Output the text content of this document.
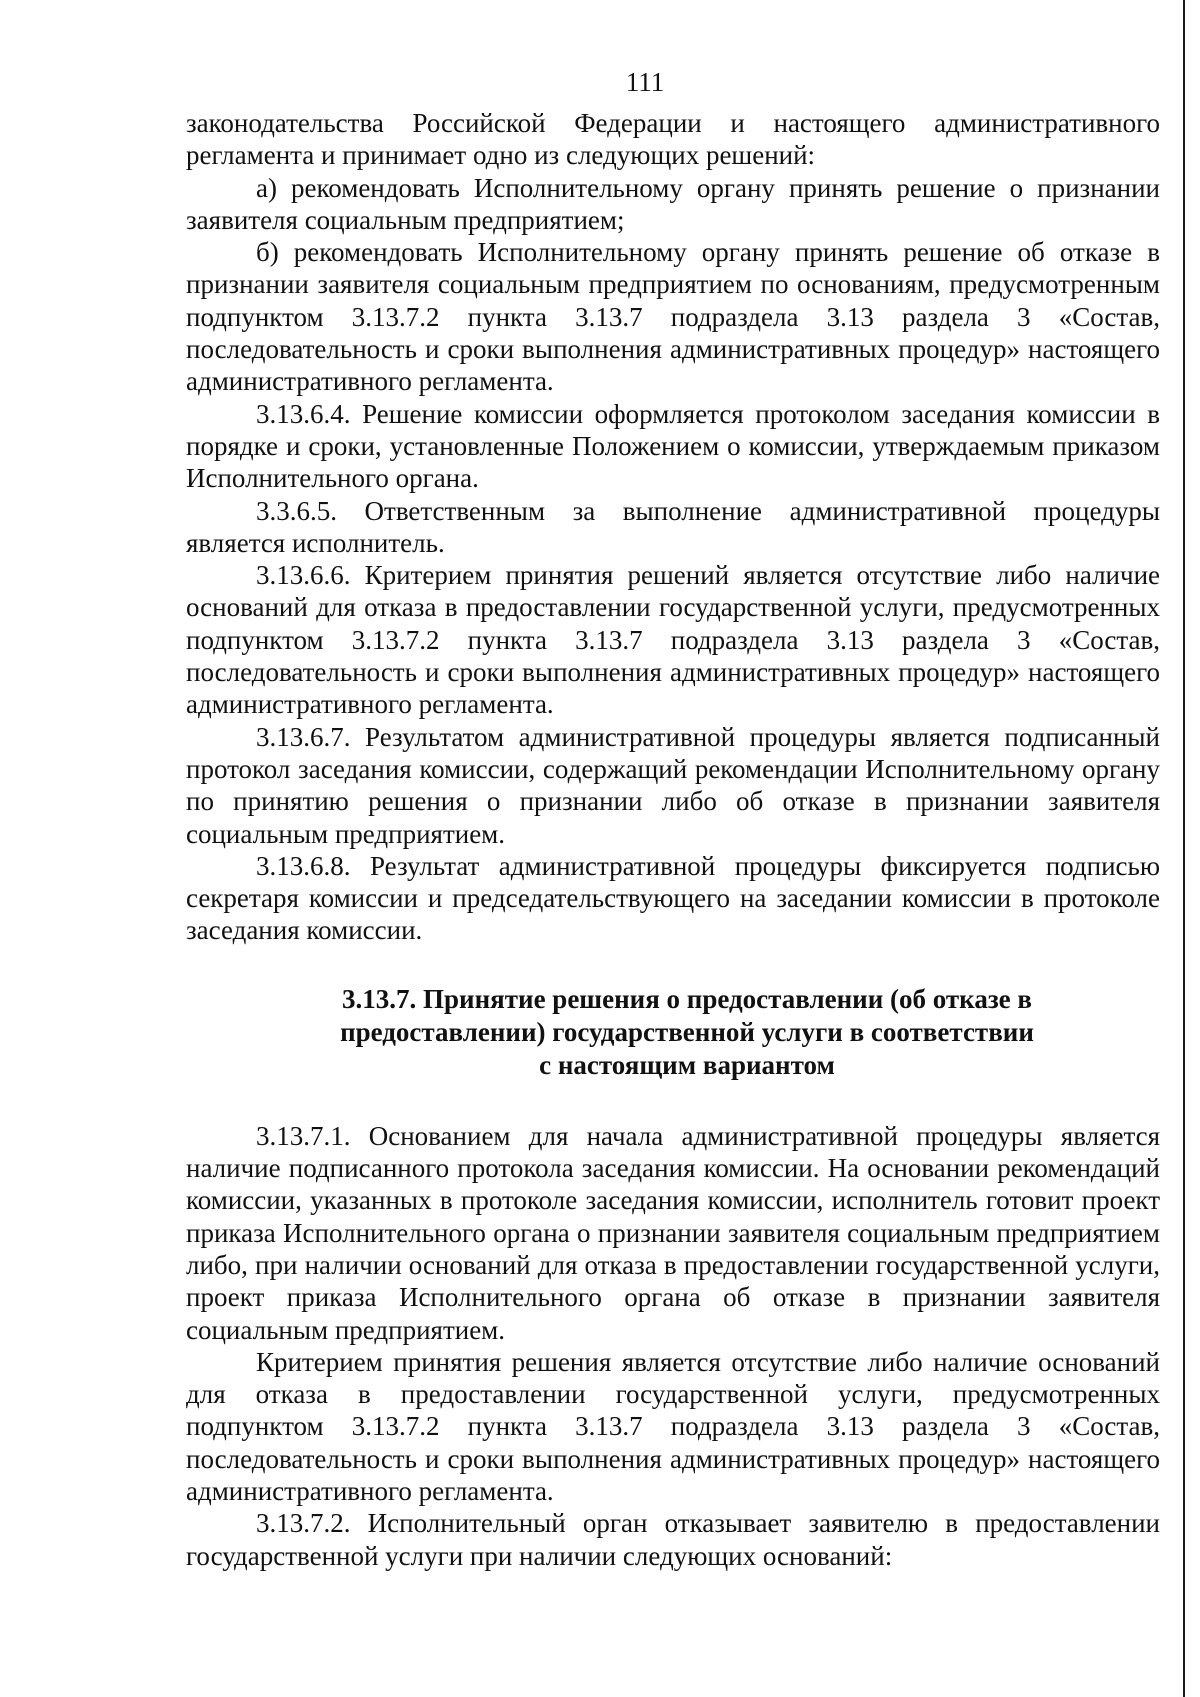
111

законодательства Российской Федерации и настоящего административного регламента и принимает одно из следующих решений:

а) рекомендовать Исполнительному органу принять решение о признании заявителя социальным предприятием;

б) рекомендовать Исполнительному органу принять решение об отказе в признании заявителя социальным предприятием по основаниям, предусмотренным подпунктом 3.13.7.2 пункта 3.13.7 подраздела 3.13 раздела 3 «Состав, последовательность и сроки выполнения административных процедур» настоящего административного регламента.

3.13.6.4. Решение комиссии оформляется протоколом заседания комиссии в порядке и сроки, установленные Положением о комиссии, утверждаемым приказом Исполнительного органа.

3.3.6.5. Ответственным за выполнение административной процедуры является исполнитель.

3.13.6.6. Критерием принятия решений является отсутствие либо наличие оснований для отказа в предоставлении государственной услуги, предусмотренных подпунктом 3.13.7.2 пункта 3.13.7 подраздела 3.13 раздела 3 «Состав, последовательность и сроки выполнения административных процедур» настоящего административного регламента.

3.13.6.7. Результатом административной процедуры является подписанный протокол заседания комиссии, содержащий рекомендации Исполнительному органу по принятию решения о признании либо об отказе в признании заявителя социальным предприятием.

3.13.6.8. Результат административной процедуры фиксируется подписью секретаря комиссии и председательствующего на заседании комиссии в протоколе заседания комиссии.

3.13.7. Принятие решения о предоставлении (об отказе в
предоставлении) государственной услуги в соответствии
с настоящим вариантом

3.13.7.1. Основанием для начала административной процедуры является наличие подписанного протокола заседания комиссии. На основании рекомендаций комиссии, указанных в протоколе заседания комиссии, исполнитель готовит проект приказа Исполнительного органа о признании заявителя социальным предприятием либо, при наличии оснований для отказа в предоставлении государственной услуги, проект приказа Исполнительного органа об отказе в признании заявителя социальным предприятием.

Критерием принятия решения является отсутствие либо наличие оснований для отказа в предоставлении государственной услуги, предусмотренных подпунктом 3.13.7.2 пункта 3.13.7 подраздела 3.13 раздела 3 «Состав, последовательность и сроки выполнения административных процедур» настоящего административного регламента.

3.13.7.2. Исполнительный орган отказывает заявителю в предоставлении государственной услуги при наличии следующих оснований:
